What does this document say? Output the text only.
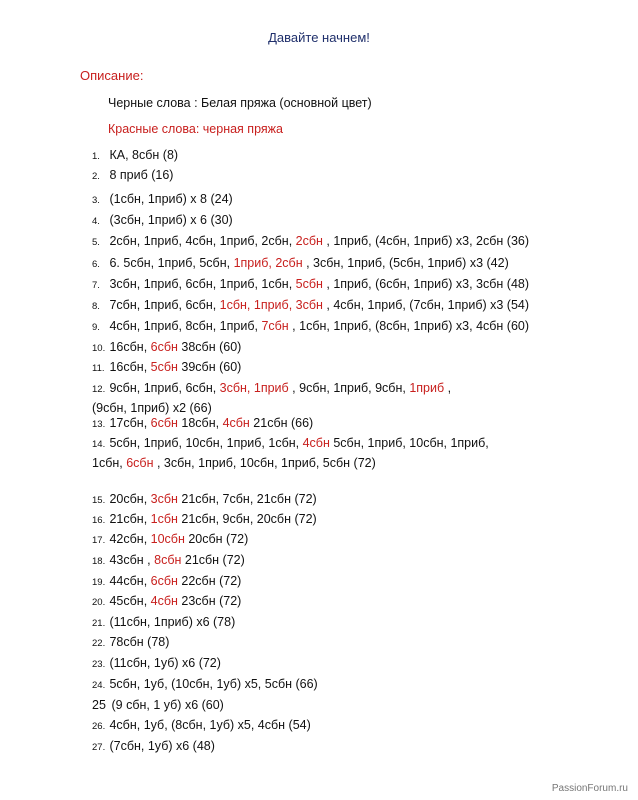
Давайте начнем!
Описание:
Черные слова : Белая пряжа (основной цвет)
Красные слова: черная пряжа
1. КА, 8сбн (8)
2. 8 приб (16)
3. (1сбн, 1приб) х 8 (24)
4. (3сбн, 1приб) х 6 (30)
5. 2сбн, 1приб, 4сбн, 1приб, 2сбн, 2сбн , 1приб, (4сбн, 1приб) х3, 2сбн (36)
6. 6. 5сбн, 1приб, 5сбн, 1приб, 2сбн , 3сбн, 1приб, (5сбн, 1приб) х3 (42)
7. 3сбн, 1приб, 6сбн, 1приб, 1сбн, 5сбн , 1приб, (6сбн, 1приб) х3, 3сбн (48)
8. 7сбн, 1приб, 6сбн, 1сбн, 1приб, 3сбн , 4сбн, 1приб, (7сбн, 1приб) х3 (54)
9. 4сбн, 1приб, 8сбн, 1приб, 7сбн , 1сбн, 1приб, (8сбн, 1приб) х3, 4сбн (60)
10. 16сбн, 6сбн 38сбн (60)
11. 16сбн, 5сбн 39сбн (60)
12. 9сбн, 1приб, 6сбн, 3сбн, 1приб , 9сбн, 1приб, 9сбн, 1приб , (9сбн, 1приб) х2 (66)
13. 17сбн, 6сбн 18сбн, 4сбн 21сбн (66)
14. 5сбн, 1приб, 10сбн, 1приб, 1сбн, 4сбн 5сбн, 1приб, 10сбн, 1приб, 1сбн, 6сбн , 3сбн, 1приб, 10сбн, 1приб, 5сбн (72)
15. 20сбн, 3сбн 21сбн, 7сбн, 21сбн (72)
16. 21сбн, 1сбн 21сбн, 9сбн, 20сбн (72)
17. 42сбн, 10сбн 20сбн (72)
18. 43сбн , 8сбн 21сбн (72)
19. 44сбн, 6сбн 22сбн (72)
20. 45сбн, 4сбн 23сбн (72)
21. (11сбн, 1приб) х6 (78)
22. 78сбн (78)
23. (11сбн, 1уб) х6 (72)
24. 5сбн, 1уб, (10сбн, 1уб) х5, 5сбн (66)
25 (9 сбн, 1 уб) х6 (60)
26. 4сбн, 1уб, (8сбн, 1уб) х5, 4сбн (54)
27. (7сбн, 1уб) х6 (48)
PassionForum.ru
